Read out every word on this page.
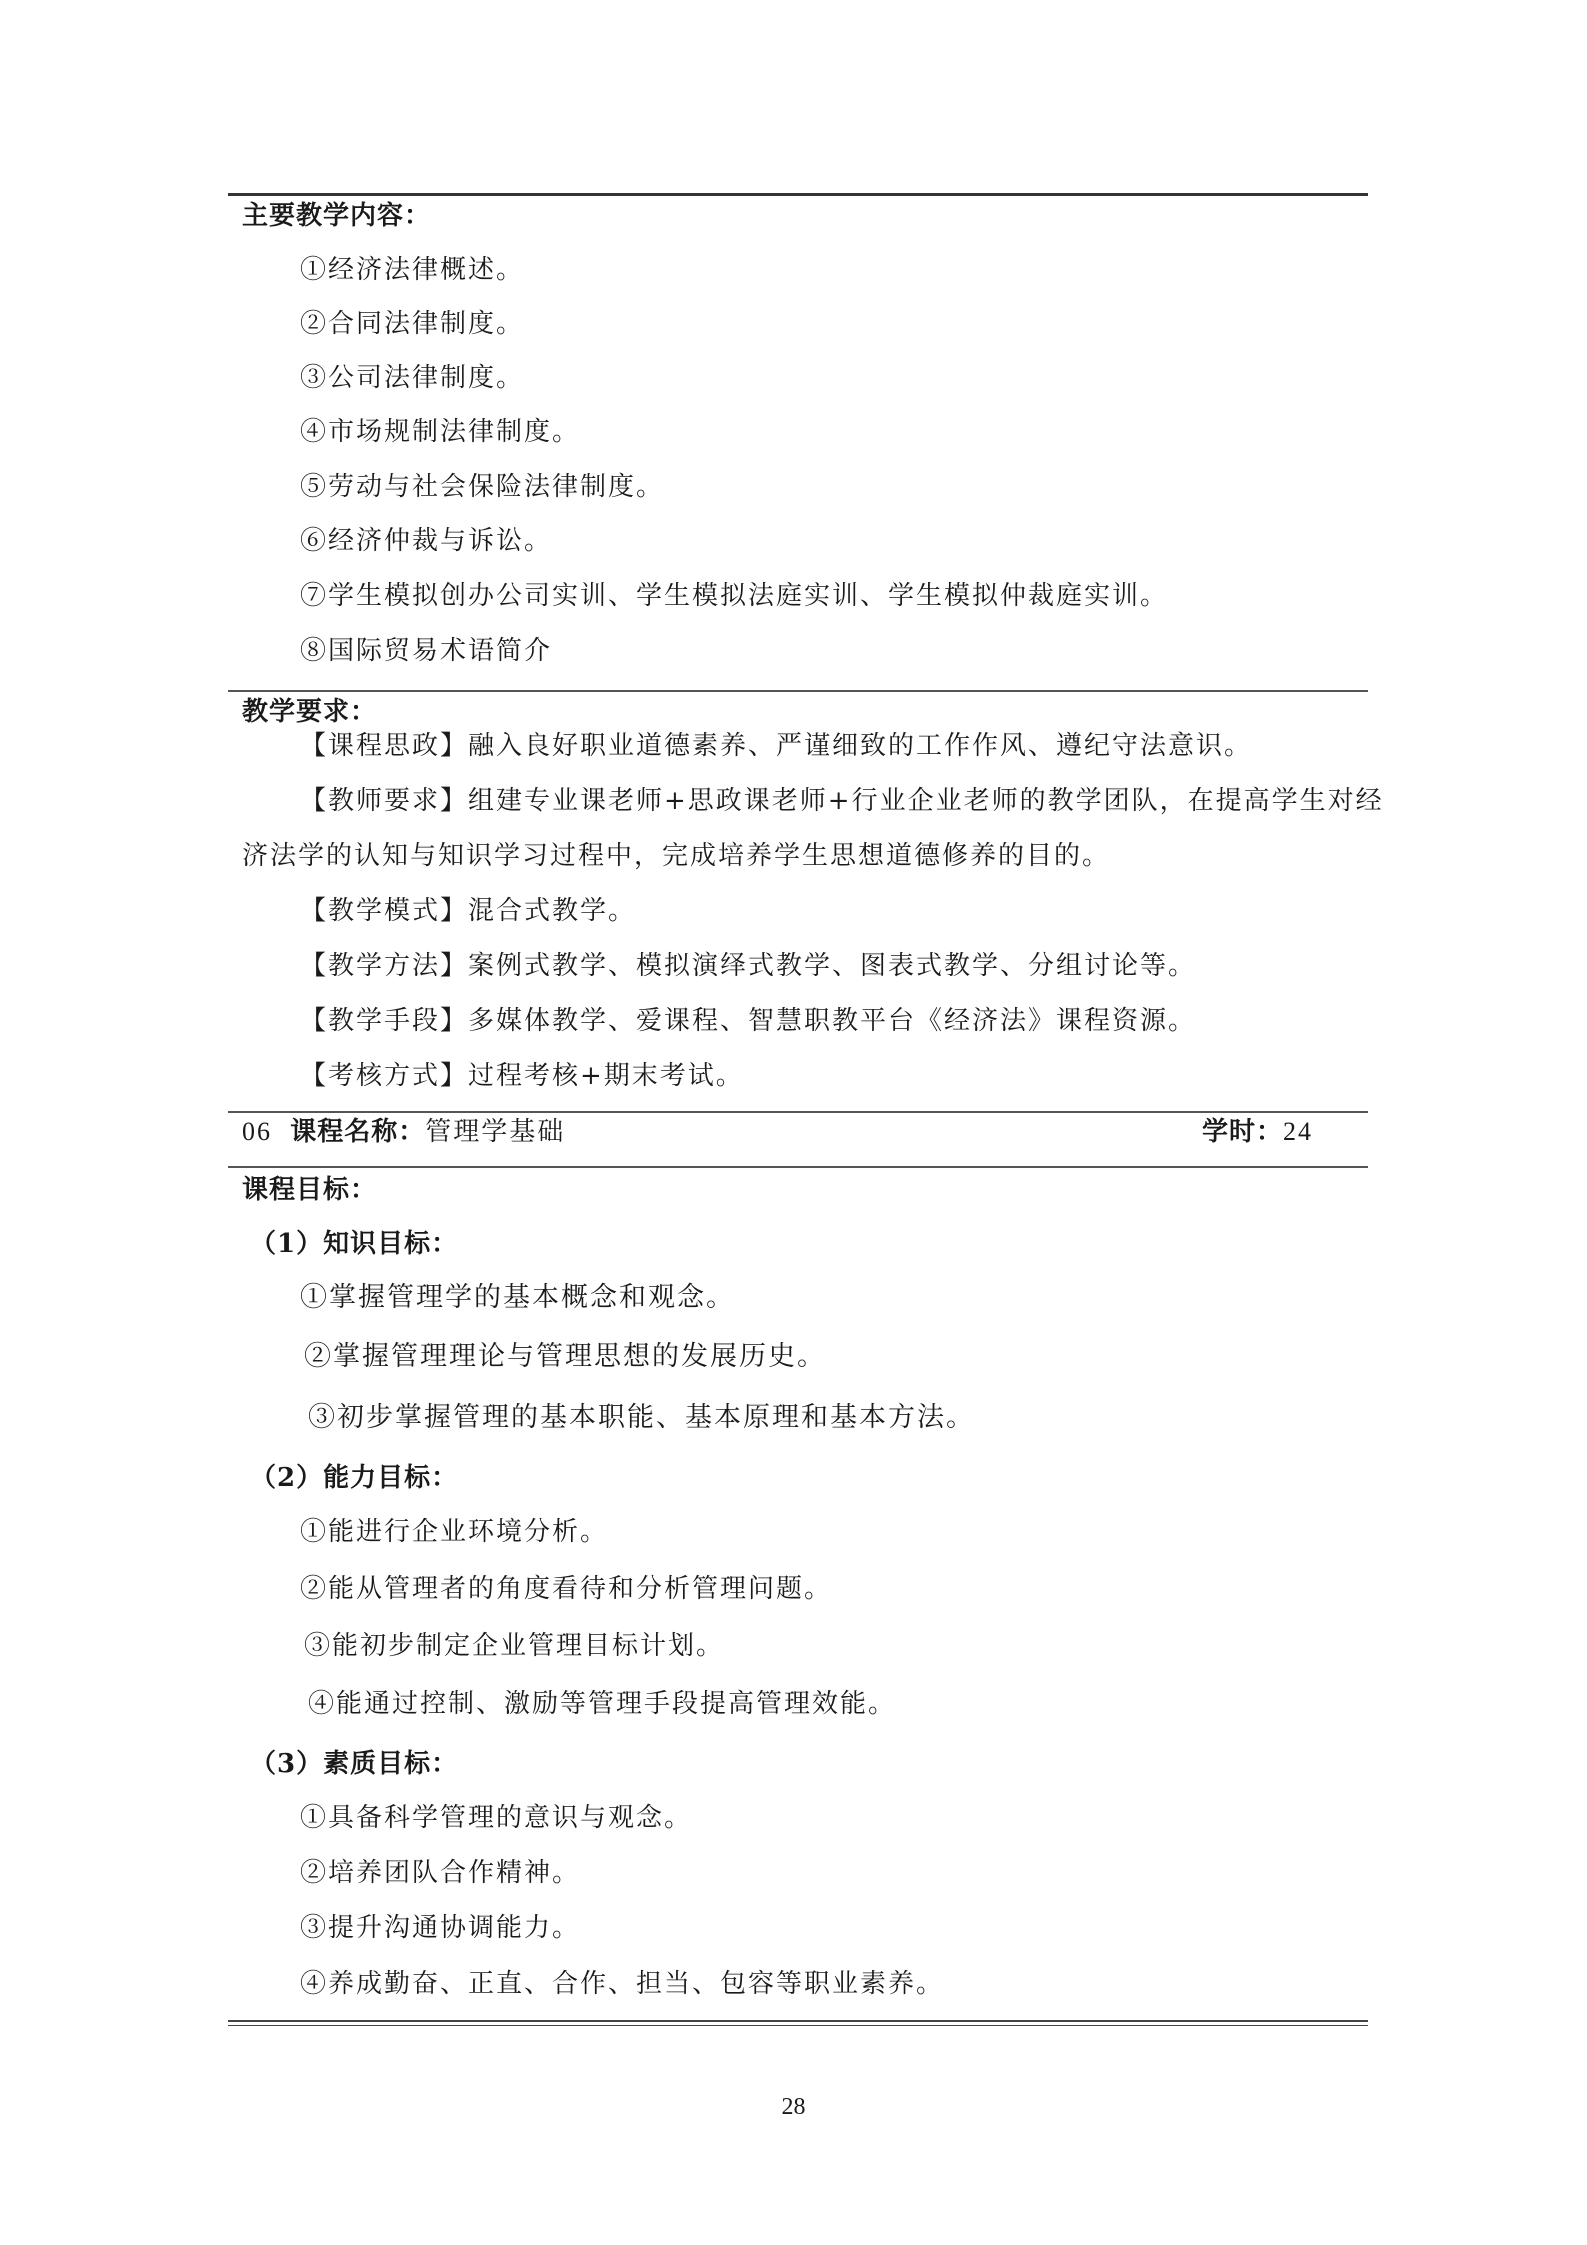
主要教学内容：
①经济法律概述。
②合同法律制度。
③公司法律制度。
④市场规制法律制度。
⑤劳动与社会保险法律制度。
⑥经济仲裁与诉讼。
⑦学生模拟创办公司实训、学生模拟法庭实训、学生模拟仲裁庭实训。
⑧国际贸易术语简介
教学要求：
【课程思政】融入良好职业道德素养、严谨细致的工作作风、遵纪守法意识。
【教师要求】组建专业课老师+思政课老师+行业企业老师的教学团队，在提高学生对经
济法学的认知与知识学习过程中，完成培养学生思想道德修养的目的。
【教学模式】混合式教学。
【教学方法】案例式教学、模拟演绎式教学、图表式教学、分组讨论等。
【教学手段】多媒体教学、爱课程、智慧职教平台《经济法》课程资源。
【考核方式】过程考核+期末考试。
06 课程名称：管理学基础	学时：24
课程目标：
（1）知识目标：
①掌握管理学的基本概念和观念。
②掌握管理理论与管理思想的发展历史。
③初步掌握管理的基本职能、基本原理和基本方法。
（2）能力目标：
①能进行企业环境分析。
②能从管理者的角度看待和分析管理问题。
③能初步制定企业管理目标计划。
④能通过控制、激励等管理手段提高管理效能。
（3）素质目标：
①具备科学管理的意识与观念。
②培养团队合作精神。
③提升沟通协调能力。
④养成勤奋、正直、合作、担当、包容等职业素养。
28
